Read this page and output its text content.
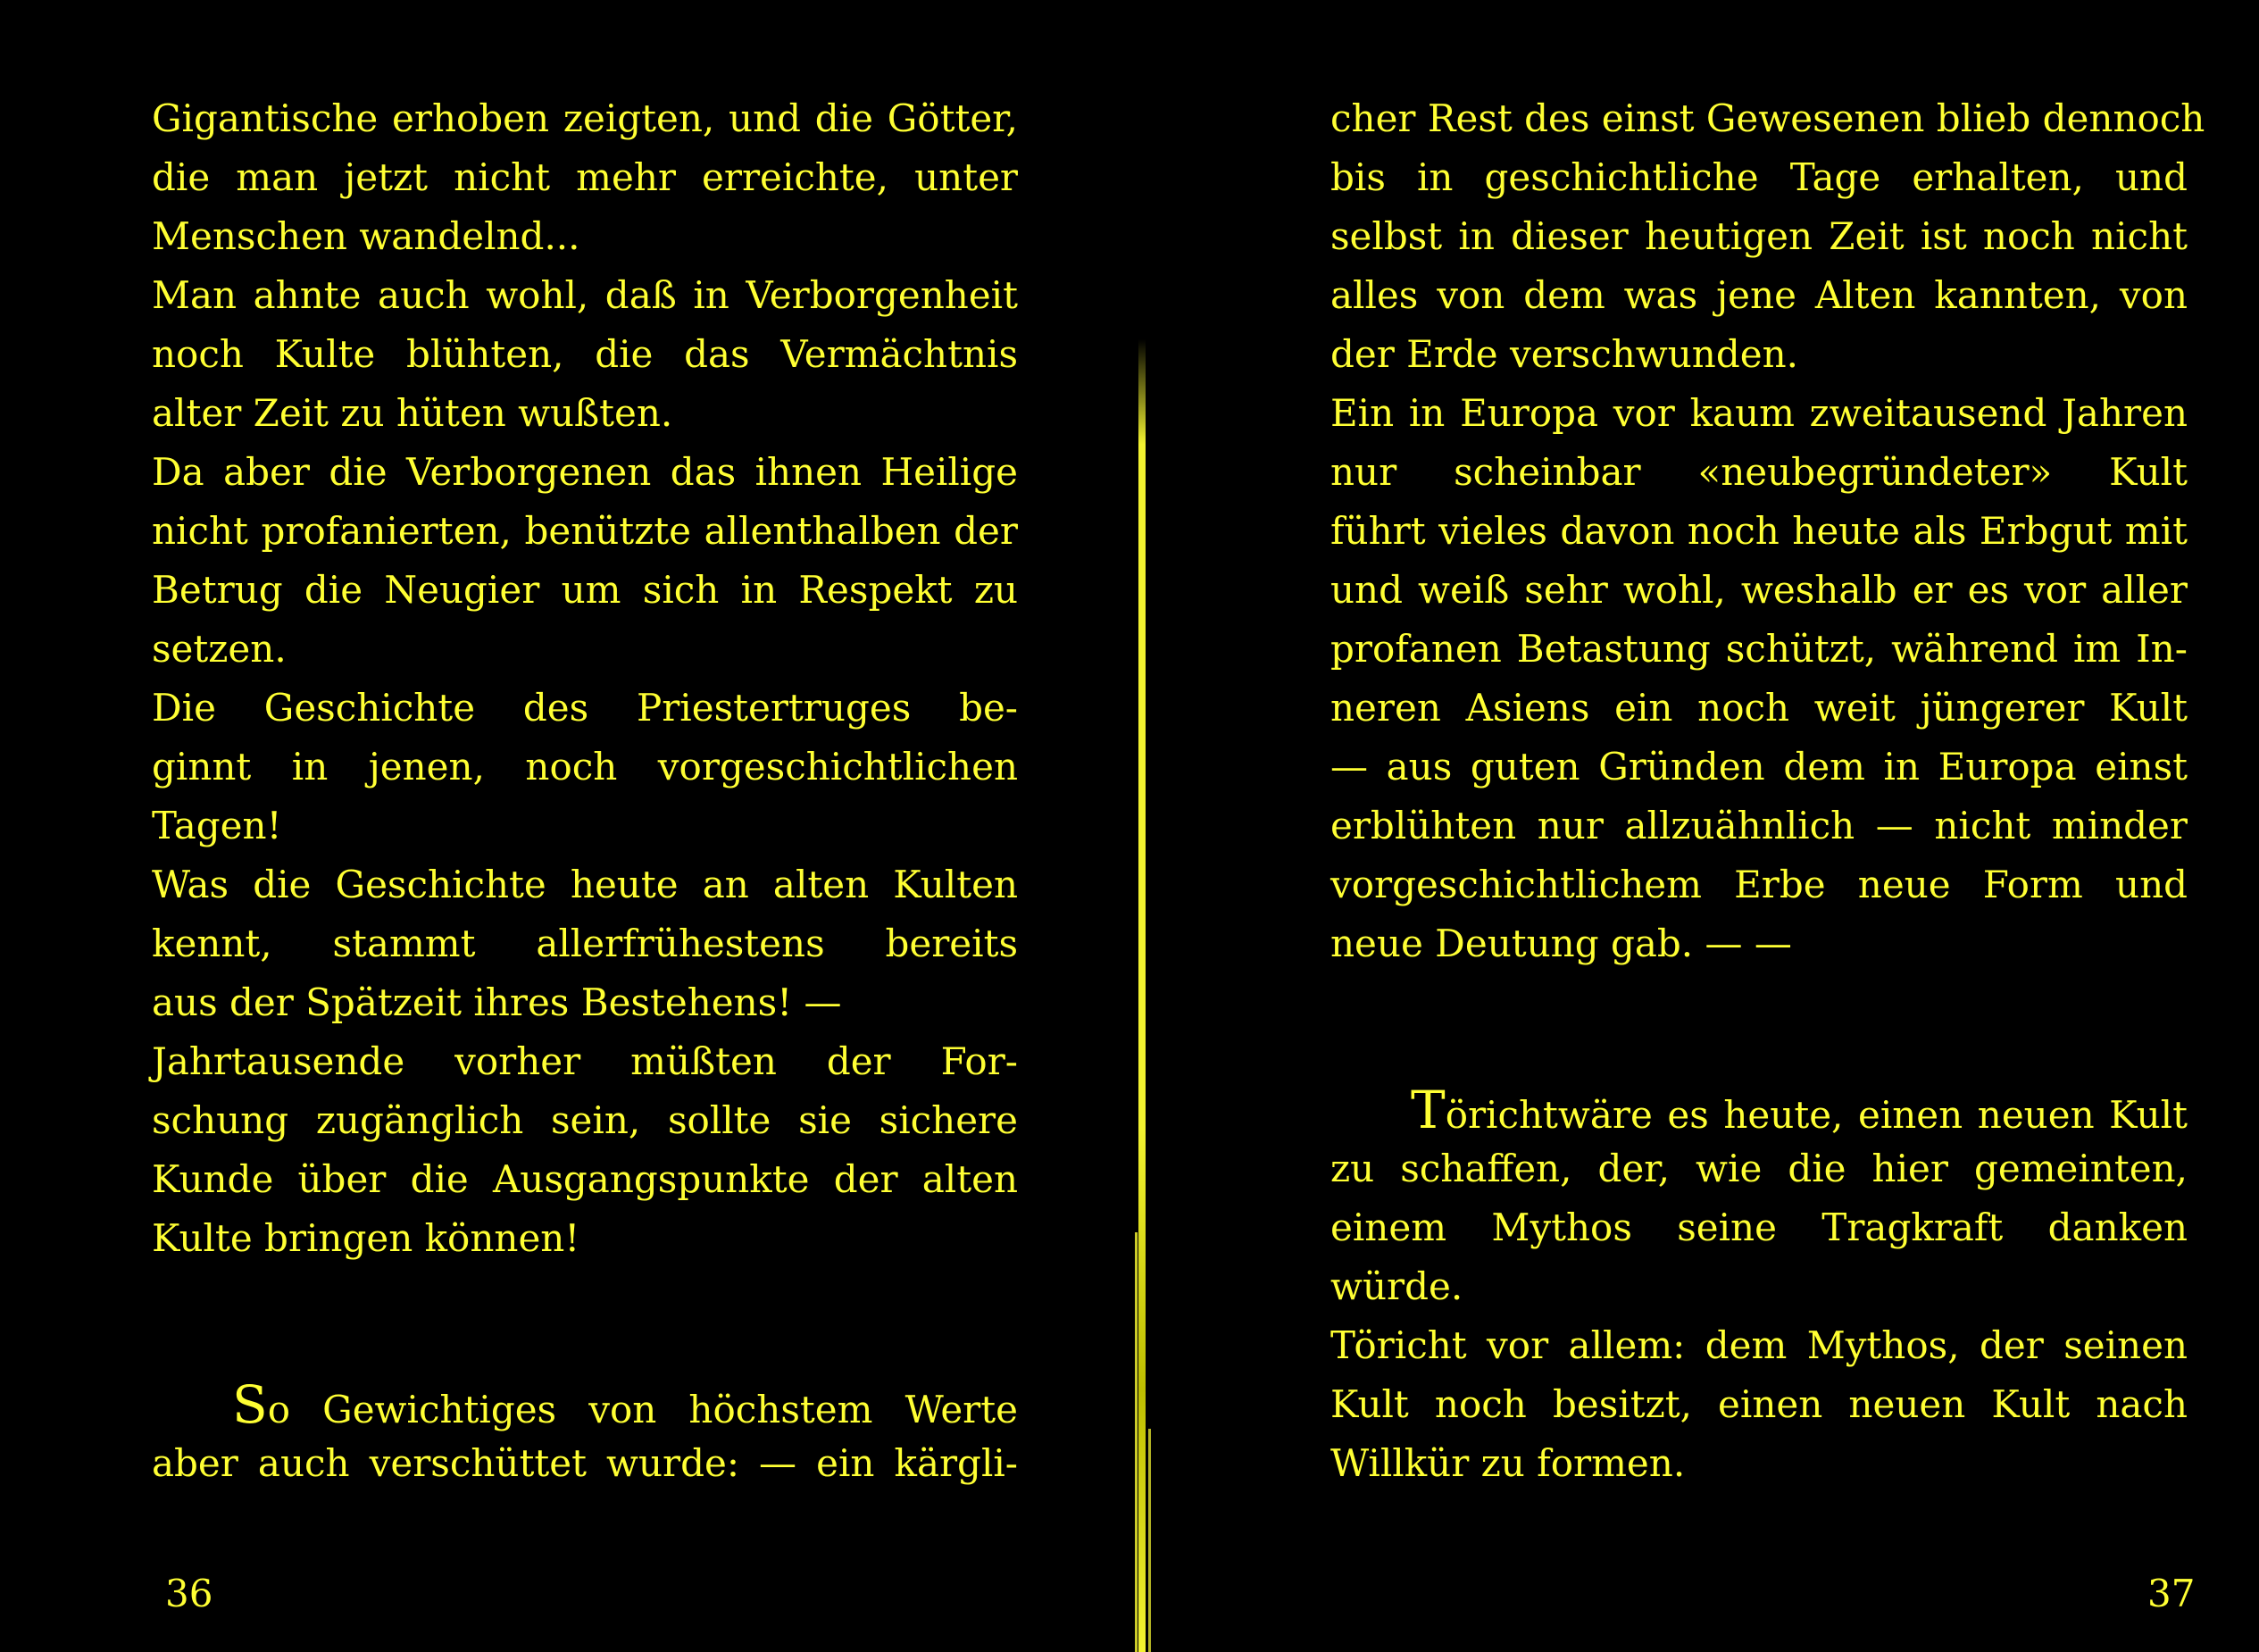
Gigantische erhoben zeigten, und die Götter,
die man jetzt nicht mehr erreichte, unter
Menschen wandelnd...
Man ahnte auch wohl, daß in Verborgenheit
noch Kulte blühten, die das Vermächtnis
alter Zeit zu hüten wußten.
Da aber die Verborgenen das ihnen Heilige
nicht profanierten, benützte allenthalben der
Betrug die Neugier um sich in Respekt zu
setzen.
Die Geschichte des Priestertruges be-
ginnt in jenen, noch vorgeschichtlichen
Tagen!
Was die Geschichte heute an alten Kulten
kennt, stammt allerfrühestens bereits
aus der Spätzeit ihres Bestehens! —
Jahrtausende vorher müßten der For-
schung zugänglich sein, sollte sie sichere
Kunde über die Ausgangspunkte der alten
Kulte bringen können!
So Gewichtiges von höchstem Werte
aber auch verschüttet wurde: — ein kärgli-
36
cher Rest des einst Gewesenen blieb dennoch
bis in geschichtliche Tage erhalten, und
selbst in dieser heutigen Zeit ist noch nicht
alles von dem was jene Alten kannten, von
der Erde verschwunden.
Ein in Europa vor kaum zweitausend Jahren
nur scheinbar «neubegründeter» Kult
führt vieles davon noch heute als Erbgut mit
und weiß sehr wohl, weshalb er es vor aller
profanen Betastung schützt, während im In-
neren Asiens ein noch weit jüngerer Kult
— aus guten Gründen dem in Europa einst
erblühten nur allzuähnlich — nicht minder
vorgeschichtlichem Erbe neue Form und
neue Deutung gab. — —
Törichtwäre es heute, einen neuen Kult
zu schaffen, der, wie die hier gemeinten,
einem Mythos seine Tragkraft danken
würde.
Töricht vor allem: dem Mythos, der seinen
Kult noch besitzt, einen neuen Kult nach
Willkür zu formen.
37
